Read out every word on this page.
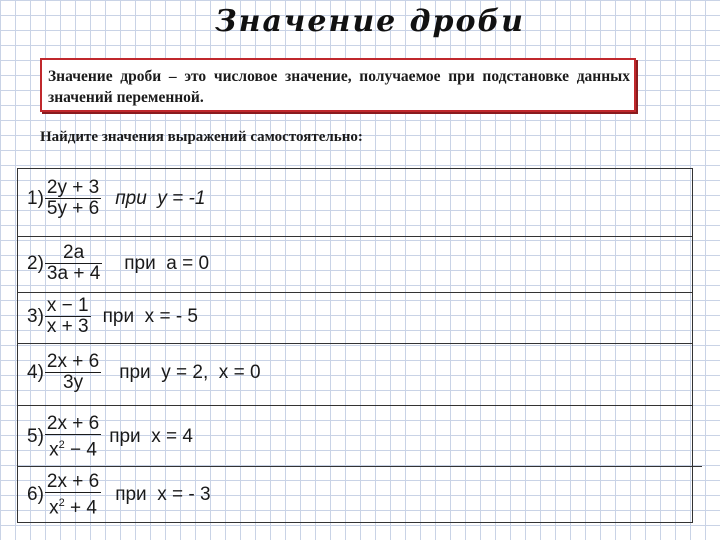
Значение дроби
Значение дроби – это числовое значение, получаемое при подстановке данных значений переменной.
Найдите значения выражений самостоятельно:
$1) \frac{2y + 3}{5y + 6}$ при  y = -1
$2) \frac{2a}{3a + 4}$ при  a = 0
$3) \frac{x - 1}{x + 3}$ при  x = - 5
$4) \frac{2x + 6}{3y}$ при  y = 2,  x = 0
$5) \frac{2x + 6}{x^2 - 4}$ при  x = 4
$6) \frac{2x + 6}{x^2 + 4}$ при  x = - 3
